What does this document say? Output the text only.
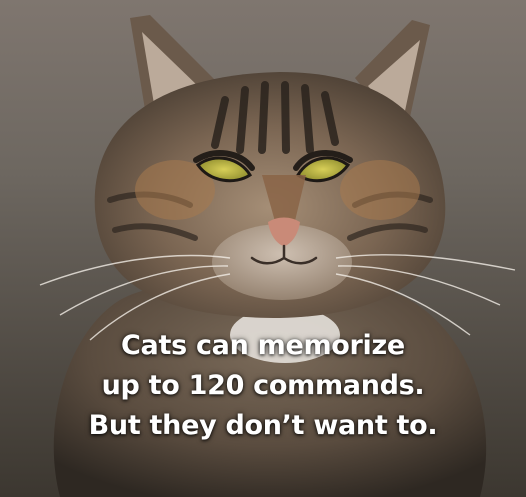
Cats can memorize
up to 120 commands.
But they don’t want to.
